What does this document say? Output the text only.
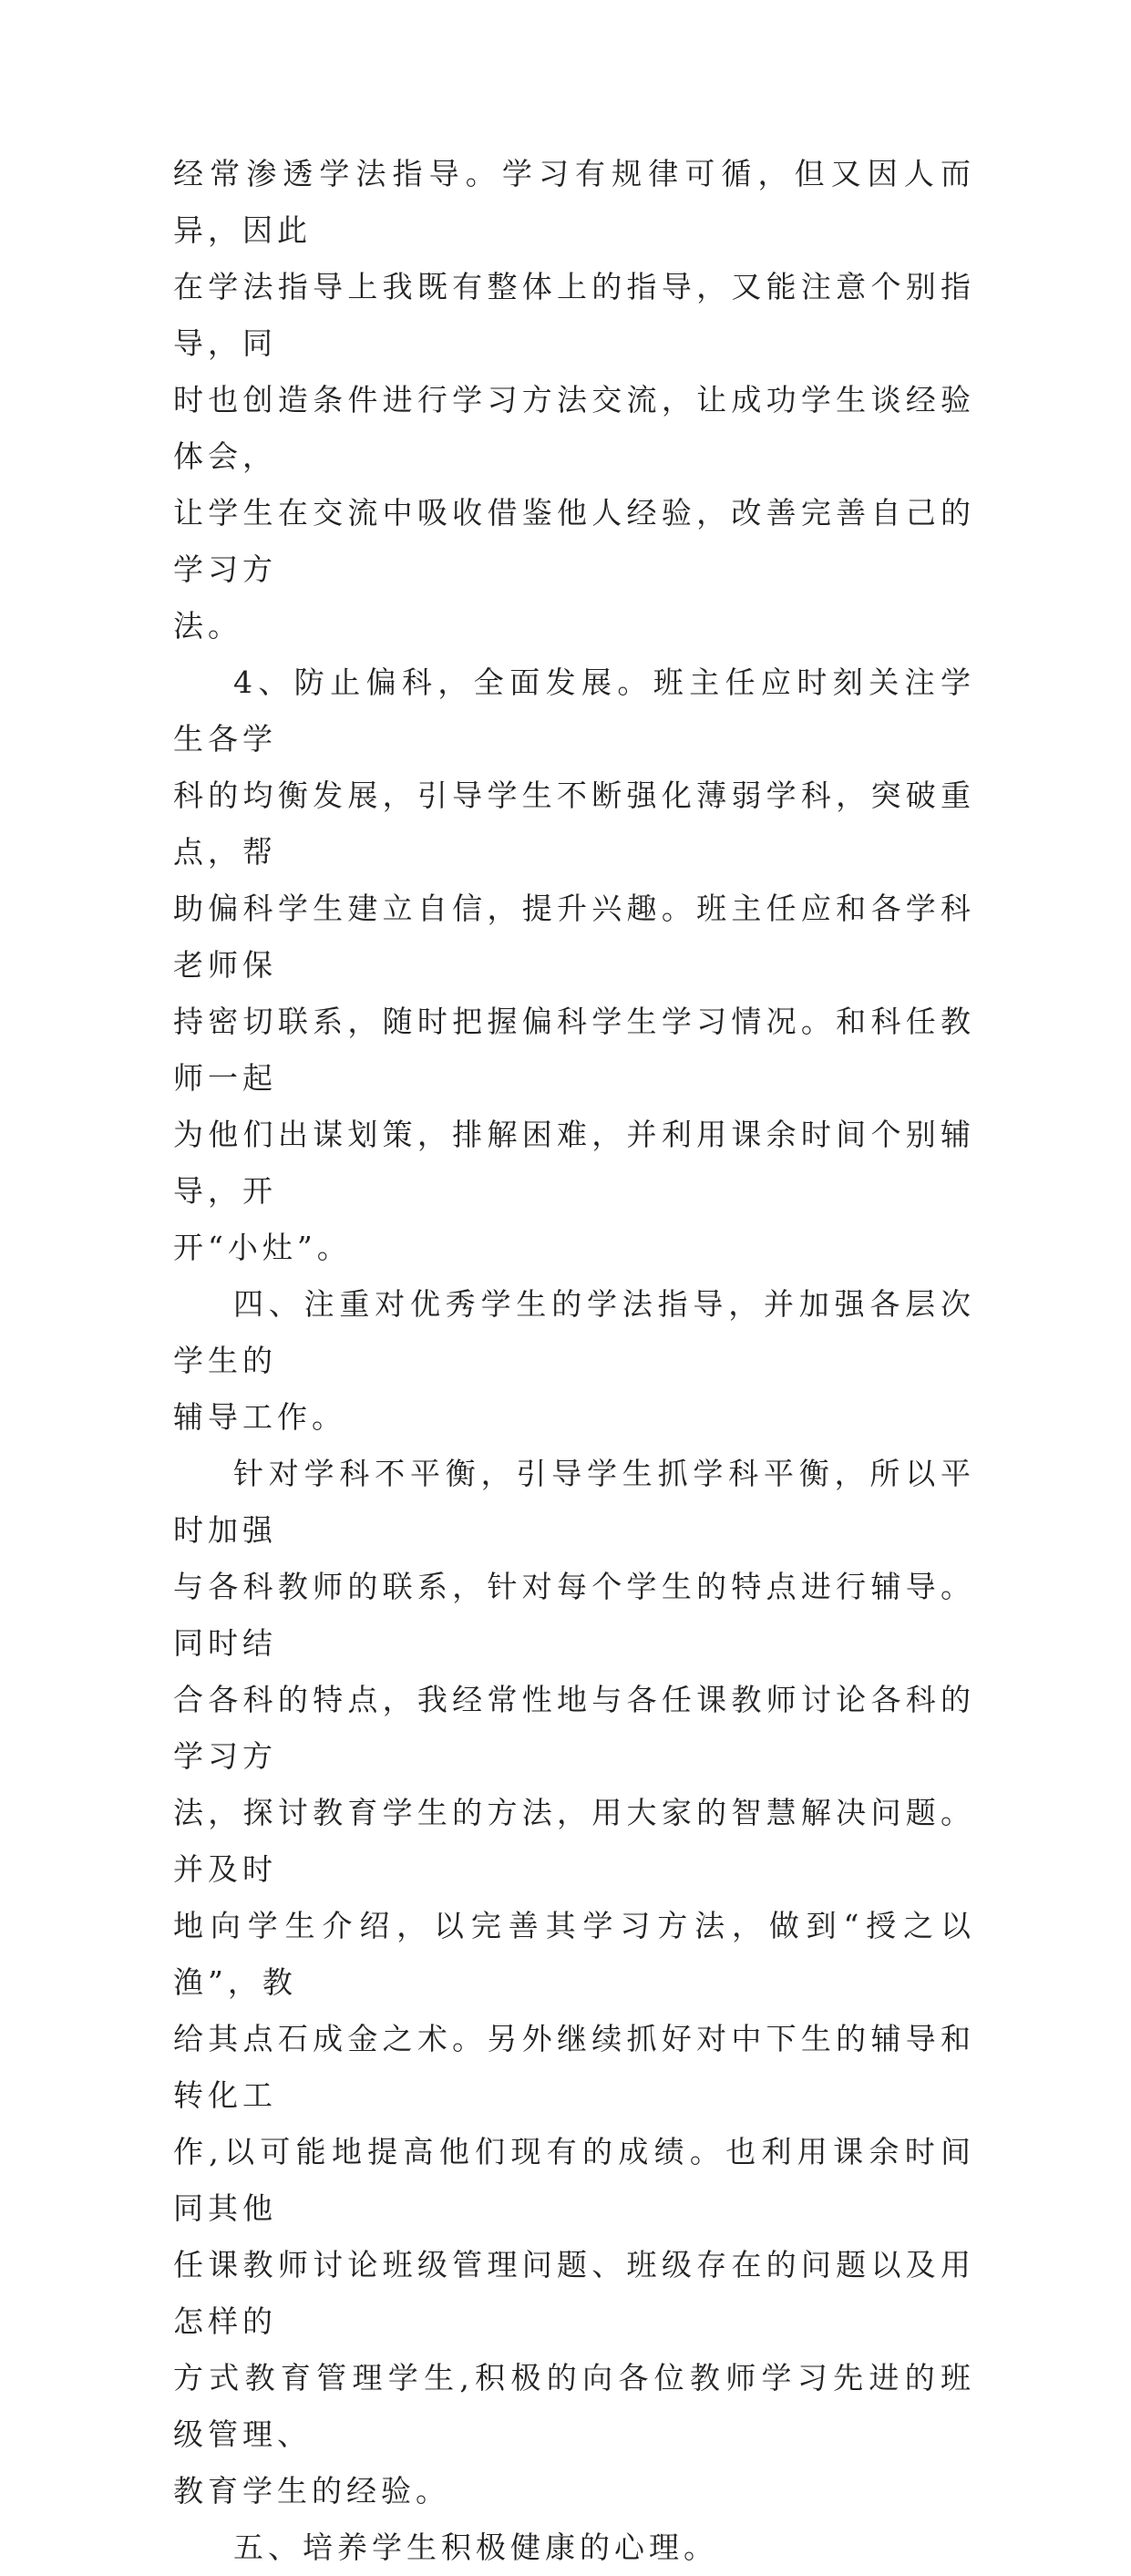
经常渗透学法指导。学习有规律可循，但又因人而异，因此
在学法指导上我既有整体上的指导，又能注意个别指导，同
时也创造条件进行学习方法交流，让成功学生谈经验体会，
让学生在交流中吸收借鉴他人经验，改善完善自己的学习方
法。

4、防止偏科，全面发展。班主任应时刻关注学生各学
科的均衡发展，引导学生不断强化薄弱学科，突破重点，帮
助偏科学生建立自信，提升兴趣。班主任应和各学科老师保
持密切联系，随时把握偏科学生学习情况。和科任教师一起
为他们出谋划策，排解困难，并利用课余时间个别辅导，开
开“小灶”。

四、注重对优秀学生的学法指导，并加强各层次学生的
辅导工作。

针对学科不平衡，引导学生抓学科平衡，所以平时加强
与各科教师的联系，针对每个学生的特点进行辅导。同时结
合各科的特点，我经常性地与各任课教师讨论各科的学习方
法，探讨教育学生的方法，用大家的智慧解决问题。并及时
地向学生介绍，以完善其学习方法，做到“授之以渔”，教
给其点石成金之术。另外继续抓好对中下生的辅导和转化工
作,以可能地提高他们现有的成绩。也利用课余时间同其他
任课教师讨论班级管理问题、班级存在的问题以及用怎样的
方式教育管理学生,积极的向各位教师学习先进的班级管理、
教育学生的经验。

五、培养学生积极健康的心理。
